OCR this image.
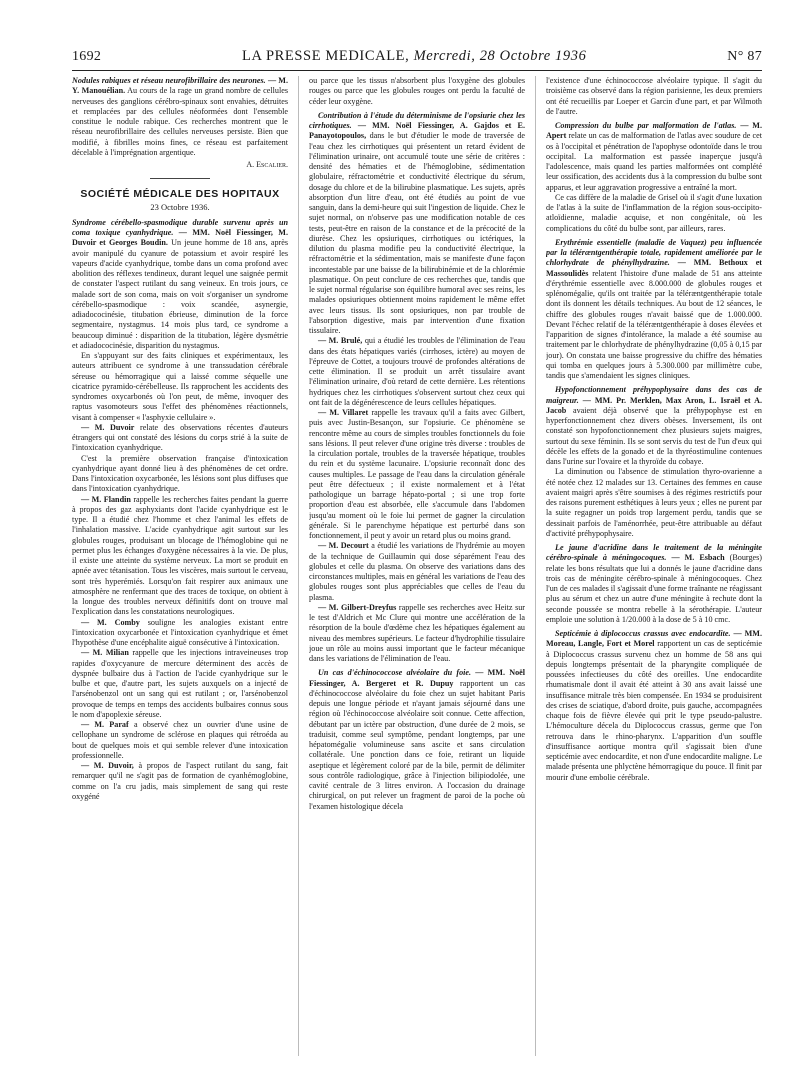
1692	LA PRESSE MEDICALE, Mercredi, 28 Octobre 1936	N° 87

Nodules rabiques et réseau neurofibrillaire des neurones. — M. Y. Manouélian. Au cours de la rage un grand nombre de cellules nerveuses des ganglions cérébro-spinaux sont envahies, détruites et remplacées par des cellules néoformées dont l'ensemble constitue le nodule rabique. Ces recherches montrent que le réseau neurofibrillaire des cellules nerveuses persiste. Bien que modifié, à fibrilles moins fines, ce réseau est parfaitement décelable à l'imprégnation argentique.

A. Escalier.
SOCIÉTÉ MÉDICALE DES HOPITAUX
23 Octobre 1936.

Syndrome cérébello-spasmodique durable survenu après un coma toxique cyanhydrique. — MM. Noël Fiessinger, M. Duvoir et Georges Boudin. Un jeune homme de 18 ans, après avoir manipulé du cyanure de potassium et avoir respiré les vapeurs d'acide cyanhydrique, tombe dans un coma profond avec abolition des réflexes tendineux, durant lequel une saignée permit de constater l'aspect rutilant du sang veineux. En trois jours, ce malade sort de son coma, mais on voit s'organiser un syndrome cérébello-spasmodique : voix scandée, asynergie, adiadococinésie, titubation ébrieuse, diminution de la force segmentaire, nystagmus. 14 mois plus tard, ce syndrome a beaucoup diminué : disparition de la titubation, légère dysmétrie et adiadococinésie, disparition du nystagmus.

En s'appuyant sur des faits cliniques et expérimentaux, les auteurs attribuent ce syndrome à une transsudation cérébrale séreuse ou hémorragique qui a laissé comme séquelle une cicatrice pyramido-cérébelleuse. Ils rapprochent les accidents des syndromes oxycarbonés où l'on peut, de même, invoquer des raptus vasomoteurs sous l'effet des phénomènes réactionnels, visant à compenser « l'asphyxie cellulaire ».

— M. Duvoir relate des observations récentes d'auteurs étrangers qui ont constaté des lésions du corps strié à la suite de l'intoxication cyanhydrique.

C'est la première observation française d'intoxication cyanhydrique ayant donné lieu à des phénomènes de cet ordre. Dans l'intoxication oxycarbonée, les lésions sont plus diffuses que dans l'intoxication cyanhydrique.

— M. Flandin rappelle les recherches faites pendant la guerre à propos des gaz asphyxiants dont l'acide cyanhydrique est le type. Il a étudié chez l'homme et chez l'animal les effets de l'inhalation massive. L'acide cyanhydrique agit surtout sur les globules rouges, produisant un blocage de l'hémoglobine qui ne permet plus les échanges d'oxygène nécessaires à la vie. De plus, il existe une atteinte du système nerveux. La mort se produit en apnée avec tétanisation. Tous les viscères, mais surtout le cerveau, sont très hyperémiés. Lorsqu'on fait respirer aux animaux une atmosphère ne renfermant que des traces de toxique, on obtient à la longue des troubles nerveux définitifs dont on trouve mal l'explication dans les constatations neurologiques.

— M. Comby souligne les analogies existant entre l'intoxication oxycarbonée et l'intoxication cyanhydrique et émet l'hypothèse d'une encéphalite aiguë consécutive à l'intoxication.

— M. Milian rappelle que les injections intraveineuses trop rapides d'oxycyanure de mercure déterminent des accès de dyspnée bulbaire dus à l'action de l'acide cyanhydrique sur le bulbe et que, d'autre part, les sujets auxquels on a injecté de l'arsénobenzol ont un sang qui est rutilant ; or, l'arsénobenzol provoque de temps en temps des accidents bulbaires connus sous le nom d'apoplexie séreuse.

— M. Paraf a observé chez un ouvrier d'une usine de cellophane un syndrome de sclérose en plaques qui rétroéda au bout de quelques mois et qui semble relever d'une intoxication professionnelle.

— M. Duvoir, à propos de l'aspect rutilant du sang, fait remarquer qu'il ne s'agit pas de formation de cyanhémoglobine, comme on l'a cru jadis, mais simplement de sang qui reste oxygéné

ou parce que les tissus n'absorbent plus l'oxygène des globules rouges ou parce que les globules rouges ont perdu la faculté de céder leur oxygène.

Contribution à l'étude du déterminisme de l'opsiurie chez les cirrhotiques. — MM. Noël Fiessinger, A. Gajdos et E. Panayotopoulos, dans le but d'étudier le mode de traversée de l'eau chez les cirrhotiques qui présentent un retard évident de l'élimination urinaire, ont accumulé toute une série de critères : densité des hématies et de l'hémoglobine, sédimentation globulaire, réfractométrie et conductivité électrique du sérum, dosage du chlore et de la bilirubine plasmatique. Les sujets, après absorption d'un litre d'eau, ont été étudiés au point de vue sanguin, dans la demi-heure qui suit l'ingestion de liquide. Chez le sujet normal, on n'observe pas une modification notable de ces tests, peut-être en raison de la constance et de la précocité de la diurèse. Chez les opsiuriques, cirrhotiques ou ictériques, la dilution du plasma modifie peu la conductivité électrique, la réfractométrie et la sédimentation, mais se manifeste d'une façon incontestable par une baisse de la bilirubinémie et de la chlorémie plasmatique. On peut conclure de ces recherches que, tandis que le sujet normal régularise son équilibre humoral avec ses reins, les malades opsiuriques obtiennent moins rapidement le même effet avec leurs tissus. Ils sont opsiuriques, non par trouble de l'absorption digestive, mais par intervention d'une fixation tissulaire.

— M. Brulé, qui a étudié les troubles de l'élimination de l'eau dans des états hépatiques variés (cirrhoses, ictère) au moyen de l'épreuve de Cottet, a toujours trouvé de profondes altérations de cette élimination. Il se produit un arrêt tissulaire avant l'élimination urinaire, d'où retard de cette dernière. Les rétentions hydriques chez les cirrhotiques s'observent surtout chez ceux qui ont fait de la dégénérescence de leurs cellules hépatiques.

— M. Villaret rappelle les travaux qu'il a faits avec Gilbert, puis avec Justin-Besançon, sur l'opsiurie. Ce phénomène se rencontre même au cours de simples troubles fonctionnels du foie sans lésions. Il peut relever d'une origine très diverse : troubles de la circulation portale, troubles de la traversée hépatique, troubles du rein et du système lacunaire. L'opsiurie reconnaît donc des causes multiples. Le passage de l'eau dans la circulation générale peut être défectueux ; il existe normalement et à l'état pathologique un barrage hépato-portal ; si une trop forte proportion d'eau est absorbée, elle s'accumule dans l'abdomen jusqu'au moment où le foie lui permet de gagner la circulation générale. Si le parenchyme hépatique est perturbé dans son fonctionnement, il peut y avoir un retard plus ou moins grand.

— M. Decourt a étudié les variations de l'hydrémie au moyen de la technique de Guillaumin qui dose séparément l'eau des globules et celle du plasma. On observe des variations dans des circonstances multiples, mais en général les variations de l'eau des globules rouges sont plus appréciables que celles de l'eau du plasma.

— M. Gilbert-Dreyfus rappelle ses recherches avec Heitz sur le test d'Aldrich et Mc Clure qui montre une accélération de la résorption de la boule d'œdème chez les hépatiques également au niveau des membres supérieurs. Le facteur d'hydrophilie tissulaire joue un rôle au moins aussi important que le facteur mécanique dans les variations de l'élimination de l'eau.

Un cas d'échinococcose alvéolaire du foie. — MM. Noël Fiessinger, A. Bergeret et R. Dupuy rapportent un cas d'échinococcose alvéolaire du foie chez un sujet habitant Paris depuis une longue période et n'ayant jamais séjourné dans une région où l'échinococcose alvéolaire soit connue. Cette affection, débutant par un ictère par obstruction, d'une durée de 2 mois, se traduisit, comme seul symptôme, pendant longtemps, par une hépatomégalie volumineuse sans ascite et sans circulation collatérale. Une ponction dans ce foie, retirant un liquide aseptique et légèrement coloré par de la bile, permit de délimiter sous contrôle radiologique, grâce à l'injection bilipiodolée, une cavité centrale de 3 litres environ. A l'occasion du drainage chirurgical, on put relever un fragment de paroi de la poche où l'examen histologique décela

l'existence d'une échinococcose alvéolaire typique. Il s'agit du troisième cas observé dans la région parisienne, les deux premiers ont été recueillis par Loeper et Garcin d'une part, et par Wilmoth de l'autre.

Compression du bulbe par malformation de l'atlas. — M. Apert relate un cas de malformation de l'atlas avec soudure de cet os à l'occipital et pénétration de l'apophyse odontoïde dans le trou occipital. La malformation est passée inaperçue jusqu'à l'adolescence, mais quand les parties malformées ont complété leur ossification, des accidents dus à la compression du bulbe sont apparus, et leur aggravation progressive a entraîné la mort.

Ce cas diffère de la maladie de Grisel où il s'agit d'une luxation de l'atlas à la suite de l'inflammation de la région sous-occipito-atloïdienne, maladie acquise, et non congénitale, où les complications du côté du bulbe sont, par ailleurs, rares.

Erythrémie essentielle (maladie de Vaquez) peu influencée par la téléræntgenthérapie totale, rapidement améliorée par le chlorhydrate de phénylhydrazine. — MM. Bethoux et Massoulidès relatent l'histoire d'une malade de 51 ans atteinte d'érythrémie essentielle avec 8.000.000 de globules rouges et splénomégalie, qu'ils ont traitée par la téléræntgenthérapie totale dont ils donnent les détails techniques. Au bout de 12 séances, le chiffre des globules rouges n'avait baissé que de 1.000.000. Devant l'échec relatif de la téléræntgenthérapie à doses élevées et l'apparition de signes d'intolérance, la malade a été soumise au traitement par le chlorhydrate de phénylhydrazine (0,05 à 0,15 par jour). On constata une baisse progressive du chiffre des hématies qui tomba en quelques jours à 5.300.000 par millimètre cube, tandis que s'amendaient les signes cliniques.

Hypofonctionnement préhypophysaire dans des cas de maigreur. — MM. Pr. Merklen, Max Aron, L. Israël et A. Jacob avaient déjà observé que la préhypophyse est en hyperfonctionnement chez divers obèses. Inversement, ils ont constaté son hypofonctionnement chez plusieurs sujets maigres, surtout du sexe féminin. Ils se sont servis du test de l'un d'eux qui décèle les effets de la gonado et de la thyréostimuline contenues dans l'urine sur l'ovaire et la thyroïde du cobaye.

La diminution ou l'absence de stimulation thyro-ovarienne a été notée chez 12 malades sur 13. Certaines des femmes en cause avaient maigri après s'être soumises à des régimes restrictifs pour des raisons purement esthétiques à leurs yeux ; elles ne purent par la suite regagner un poids trop largement perdu, tandis que se dessinait parfois de l'aménorrhée, peut-être attribuable au défaut d'activité préhypophysaire.

Le jaune d'acridine dans le traitement de la méningite cérébro-spinale à méningocoques. — M. Esbach (Bourges) relate les bons résultats que lui a donnés le jaune d'acridine dans trois cas de méningite cérébro-spinale à méningocoques. Chez l'un de ces malades il s'agissait d'une forme traînante ne réagissant plus au sérum et chez un autre d'une méningite à rechute dont la seconde poussée se montra rebelle à la sérothérapie. L'auteur emploie une solution à 1/20.000 à la dose de 5 à 10 cmc.

Septicémie à diplococcus crassus avec endocardite. — MM. Moreau, Langle, Fort et Morel rapportent un cas de septicémie à Diplococcus crassus survenu chez un homme de 58 ans qui depuis longtemps présentait de la pharyngite compliquée de poussées infectieuses du côté des oreilles. Une endocardite rhumatismale dont il avait été atteint à 30 ans avait laissé une insuffisance mitrale très bien compensée. En 1934 se produisirent des crises de sciatique, d'abord droite, puis gauche, accompagnées chaque fois de fièvre élevée qui prit le type pseudo-palustre. L'hémoculture décela du Diplococcus crassus, germe que l'on retrouva dans le rhino-pharynx. L'apparition d'un souffle d'insuffisance aortique montra qu'il s'agissait bien d'une septicémie avec endocardite, et non d'une endocardite maligne. Le malade présenta une phlyctène hémorragique du pouce. Il finit par mourir d'une embolie cérébrale.
